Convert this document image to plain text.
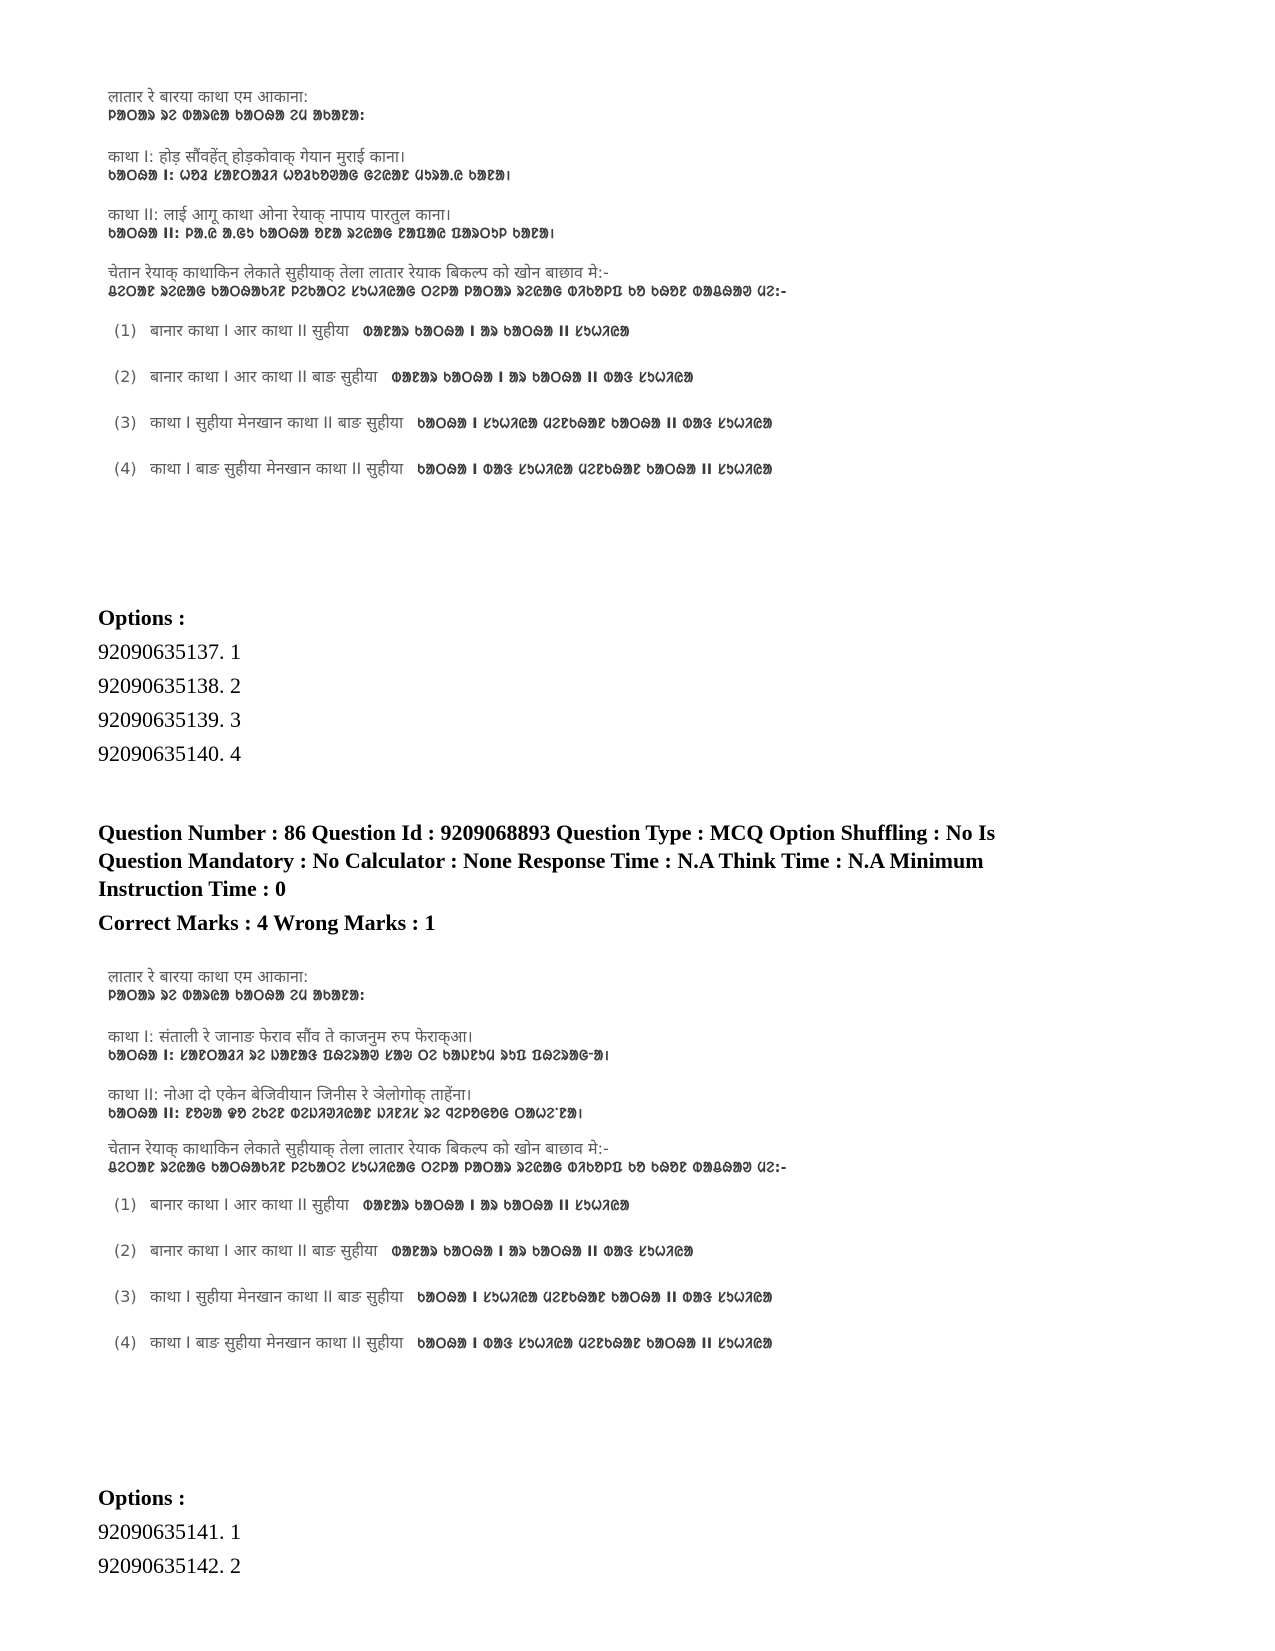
लातार रे बारया काथा एम आकाना:
ᱞᱟᱛᱟᱨ ᱨᱮ ᱵᱟᱨᱭᱟ ᱠᱟᱛᱷᱟ ᱮᱢ ᱟᱠᱟᱱᱟ:
काथा I: होड़ सौंवहेंत् होड़कोवाक् गेयान मुराई काना।
ᱠᱟᱛᱷᱟ I: ᱦᱚᱲ ᱥᱟᱱᱛᱟᱲᱤ ᱦᱚᱲᱠᱚᱣᱟᱜ ᱜᱮᱭᱟᱱ ᱢᱩᱨᱟᱹᱭ ᱠᱟᱱᱟ।
काथा II: लाई आगू काथा ओना रेयाक् नापाय पारतुल काना।
ᱠᱟᱛᱷᱟ II: ᱞᱟᱹᱭ ᱟᱹᱜᱩ ᱠᱟᱛᱷᱟ ᱚᱱᱟ ᱨᱮᱭᱟᱜ ᱱᱟᱯᱟᱭ ᱯᱟᱨᱛᱩᱞ ᱠᱟᱱᱟ।
चेतान रेयाक् काथाकिन लेकाते सुहीयाक् तेला लातार रेयाक बिकल्प को खोन बाछाव मे:-
ᱪᱮᱛᱟᱱ ᱨᱮᱭᱟᱜ ᱠᱟᱛᱷᱟᱠᱤᱱ ᱞᱮᱠᱟᱛᱮ ᱥᱩᱦᱤᱭᱟᱜ ᱛᱮᱞᱟ ᱞᱟᱛᱟᱨ ᱨᱮᱭᱟᱜ ᱵᱤᱠᱚᱞᱯ ᱠᱚ ᱠᱷᱚᱱ ᱵᱟᱪᱷᱟᱣ ᱢᱮ:-
(1) बानार काथा I आर काथा II सुहीया ᱵᱟᱱᱟᱨ ᱠᱟᱛᱷᱟ I ᱟᱨ ᱠᱟᱛᱷᱟ II ᱥᱩᱦᱤᱭᱟ
(2) बानार काथा I आर काथा II बाङ सुहीया ᱵᱟᱱᱟᱨ ᱠᱟᱛᱷᱟ I ᱟᱨ ᱠᱟᱛᱷᱟ II ᱵᱟᱝ ᱥᱩᱦᱤᱭᱟ
(3) काथा I सुहीया मेनखान काथा II बाङ सुहीया ᱠᱟᱛᱷᱟ I ᱥᱩᱦᱤᱭᱟ ᱢᱮᱱᱠᱷᱟᱱ ᱠᱟᱛᱷᱟ II ᱵᱟᱝ ᱥᱩᱦᱤᱭᱟ
(4) काथा I बाङ सुहीया मेनखान काथा II सुहीया ᱠᱟᱛᱷᱟ I ᱵᱟᱝ ᱥᱩᱦᱤᱭᱟ ᱢᱮᱱᱠᱷᱟᱱ ᱠᱟᱛᱷᱟ II ᱥᱩᱦᱤᱭᱟ
Options :
92090635137. 1
92090635138. 2
92090635139. 3
92090635140. 4
Question Number : 86 Question Id : 9209068893 Question Type : MCQ Option Shuffling : No Is
Question Mandatory : No Calculator : None Response Time : N.A Think Time : N.A Minimum
Instruction Time : 0
Correct Marks : 4 Wrong Marks : 1
लातार रे बारया काथा एम आकाना:
ᱞᱟᱛᱟᱨ ᱨᱮ ᱵᱟᱨᱭᱟ ᱠᱟᱛᱷᱟ ᱮᱢ ᱟᱠᱟᱱᱟ:
काथा I: संताली रे जानाङ फेराव सौंव ते काजनुम रुप फेराक्आ।
ᱠᱟᱛᱷᱟ I: ᱥᱟᱱᱛᱟᱲᱤ ᱨᱮ ᱡᱟᱱᱟᱝ ᱯᱷᱮᱨᱟᱣ ᱥᱟᱶ ᱛᱮ ᱠᱟᱡᱱᱩᱢ ᱨᱩᱯ ᱯᱷᱮᱨᱟᱜᱼᱟ।
काथा II: नोआ दो एकेन बेजिवीयान जिनीस रे ञेलोगोक् ताहेंना।
ᱠᱟᱛᱷᱟ II: ᱱᱚᱶᱟ ᱫᱚ ᱮᱠᱮᱱ ᱵᱮᱡᱤᱣᱤᱭᱟᱱ ᱡᱤᱱᱤᱥ ᱨᱮ ᱧᱮᱞᱚᱜᱚᱜ ᱛᱟᱦᱮᱸᱱᱟ।
चेतान रेयाक् काथाकिन लेकाते सुहीयाक् तेला लातार रेयाक बिकल्प को खोन बाछाव मे:-
ᱪᱮᱛᱟᱱ ᱨᱮᱭᱟᱜ ᱠᱟᱛᱷᱟᱠᱤᱱ ᱞᱮᱠᱟᱛᱮ ᱥᱩᱦᱤᱭᱟᱜ ᱛᱮᱞᱟ ᱞᱟᱛᱟᱨ ᱨᱮᱭᱟᱜ ᱵᱤᱠᱚᱞᱯ ᱠᱚ ᱠᱷᱚᱱ ᱵᱟᱪᱷᱟᱣ ᱢᱮ:-
(1) बानार काथा I आर काथा II सुहीया ᱵᱟᱱᱟᱨ ᱠᱟᱛᱷᱟ I ᱟᱨ ᱠᱟᱛᱷᱟ II ᱥᱩᱦᱤᱭᱟ
(2) बानार काथा I आर काथा II बाङ सुहीया ᱵᱟᱱᱟᱨ ᱠᱟᱛᱷᱟ I ᱟᱨ ᱠᱟᱛᱷᱟ II ᱵᱟᱝ ᱥᱩᱦᱤᱭᱟ
(3) काथा I सुहीया मेनखान काथा II बाङ सुहीया ᱠᱟᱛᱷᱟ I ᱥᱩᱦᱤᱭᱟ ᱢᱮᱱᱠᱷᱟᱱ ᱠᱟᱛᱷᱟ II ᱵᱟᱝ ᱥᱩᱦᱤᱭᱟ
(4) काथा I बाङ सुहीया मेनखान काथा II सुहीया ᱠᱟᱛᱷᱟ I ᱵᱟᱝ ᱥᱩᱦᱤᱭᱟ ᱢᱮᱱᱠᱷᱟᱱ ᱠᱟᱛᱷᱟ II ᱥᱩᱦᱤᱭᱟ
Options :
92090635141. 1
92090635142. 2
